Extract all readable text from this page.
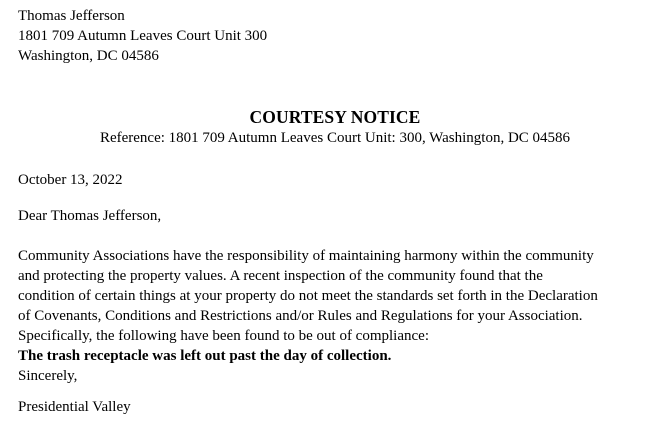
Thomas Jefferson
1801 709 Autumn Leaves Court Unit 300
Washington, DC 04586
COURTESY NOTICE
Reference: 1801 709 Autumn Leaves Court Unit: 300, Washington, DC 04586
October 13, 2022
Dear Thomas Jefferson,
Community Associations have the responsibility of maintaining harmony within the community
and protecting the property values. A recent inspection of the community found that the
condition of certain things at your property do not meet the standards set forth in the Declaration
of Covenants, Conditions and Restrictions and/or Rules and Regulations for your Association.
Specifically, the following have been found to be out of compliance:
The trash receptacle was left out past the day of collection.
Sincerely,
Presidential Valley
